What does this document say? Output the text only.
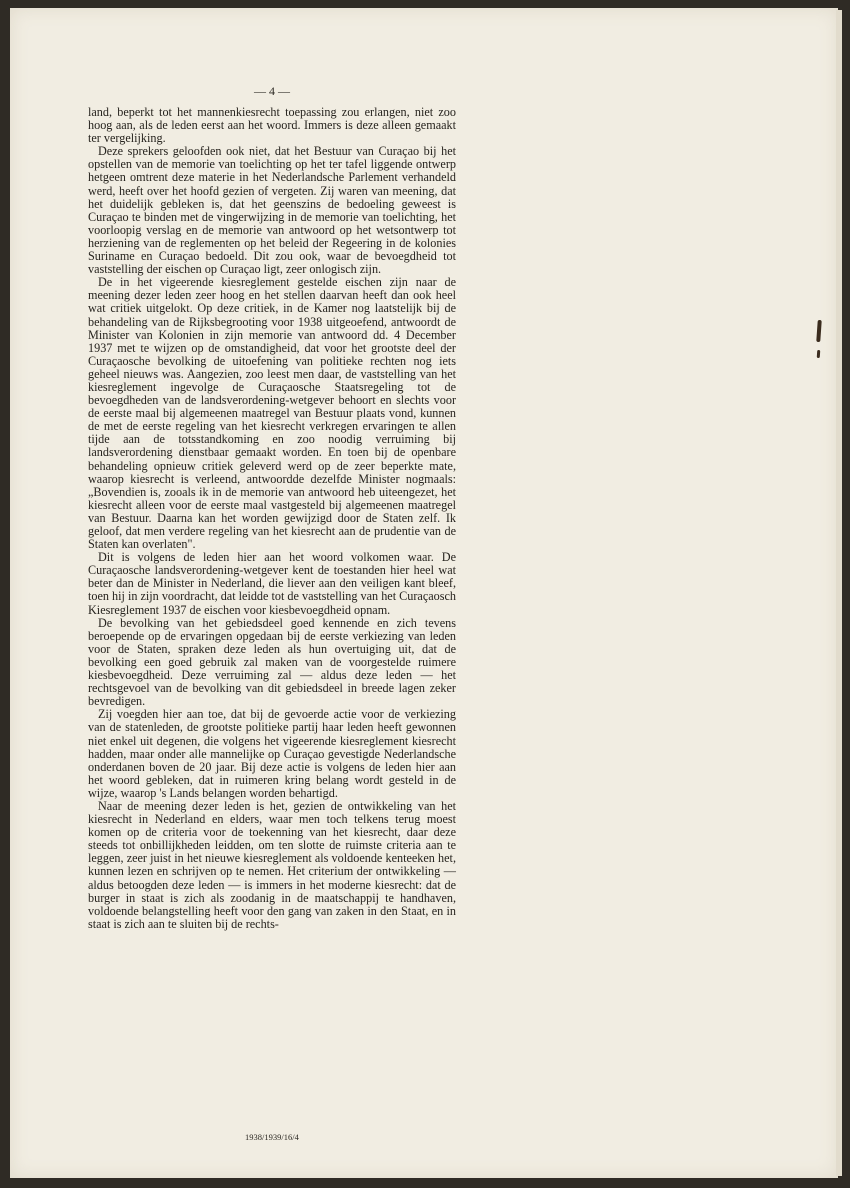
— 4 —

land, beperkt tot het mannenkiesrecht toepassing zou erlangen, niet zoo hoog aan, als de leden eerst aan het woord. Immers is deze alleen gemaakt ter vergelijking.

Deze sprekers geloofden ook niet, dat het Bestuur van Curaçao bij het opstellen van de memorie van toelichting op het ter tafel liggende ontwerp hetgeen omtrent deze materie in het Nederlandsche Parlement verhandeld werd, heeft over het hoofd gezien of vergeten. Zij waren van meening, dat het duidelijk gebleken is, dat het geenszins de bedoeling geweest is Curaçao te binden met de vingerwijzing in de memorie van toelichting, het voorloopig verslag en de memorie van antwoord op het wetsontwerp tot herziening van de reglementen op het beleid der Regeering in de kolonies Suriname en Curaçao bedoeld. Dit zou ook, waar de bevoegdheid tot vaststelling der eischen op Curaçao ligt, zeer onlogisch zijn.

De in het vigeerende kiesreglement gestelde eischen zijn naar de meening dezer leden zeer hoog en het stellen daarvan heeft dan ook heel wat critiek uitgelokt. Op deze critiek, in de Kamer nog laatstelijk bij de behandeling van de Rijksbegrooting voor 1938 uitgeoefend, antwoordt de Minister van Kolonien in zijn memorie van antwoord dd. 4 December 1937 met te wijzen op de omstandigheid, dat voor het grootste deel der Curaçaosche bevolking de uitoefening van politieke rechten nog iets geheel nieuws was. Aangezien, zoo leest men daar, de vaststelling van het kiesreglement ingevolge de Curaçaosche Staatsregeling tot de bevoegdheden van de landsverordening-wetgever behoort en slechts voor de eerste maal bij algemeenen maatregel van Bestuur plaats vond, kunnen de met de eerste regeling van het kiesrecht verkregen ervaringen te allen tijde aan de totsstandkoming en zoo noodig verruiming bij landsverordening dienstbaar gemaakt worden. En toen bij de openbare behandeling opnieuw critiek geleverd werd op de zeer beperkte mate, waarop kiesrecht is verleend, antwoordde dezelfde Minister nogmaals: „Bovendien is, zooals ik in de memorie van antwoord heb uiteengezet, het kiesrecht alleen voor de eerste maal vastgesteld bij algemeenen maatregel van Bestuur. Daarna kan het worden gewijzigd door de Staten zelf. Ik geloof, dat men verdere regeling van het kiesrecht aan de prudentie van de Staten kan overlaten".

Dit is volgens de leden hier aan het woord volkomen waar. De Curaçaosche landsverordening-wetgever kent de toestanden hier heel wat beter dan de Minister in Nederland, die liever aan den veiligen kant bleef, toen hij in zijn voordracht, dat leidde tot de vaststelling van het Curaçaosch Kiesreglement 1937 de eischen voor kiesbevoegdheid opnam.

De bevolking van het gebiedsdeel goed kennende en zich tevens beroepende op de ervaringen opgedaan bij de eerste verkiezing van leden voor de Staten, spraken deze leden als hun overtuiging uit, dat de bevolking een goed gebruik zal maken van de voorgestelde ruimere kiesbevoegdheid. Deze verruiming zal — aldus deze leden — het rechtsgevoel van de bevolking van dit gebiedsdeel in breede lagen zeker bevredigen.

Zij voegden hier aan toe, dat bij de gevoerde actie voor de verkiezing van de statenleden, de grootste politieke partij haar leden heeft gewonnen niet enkel uit degenen, die volgens het vigeerende kiesreglement kiesrecht hadden, maar onder alle mannelijke op Curaçao gevestigde Nederlandsche onderdanen boven de 20 jaar. Bij deze actie is volgens de leden hier aan het woord gebleken, dat in ruimeren kring belang wordt gesteld in de wijze, waarop 's Lands belangen worden behartigd.

Naar de meening dezer leden is het, gezien de ontwikkeling van het kiesrecht in Nederland en elders, waar men toch telkens terug moest komen op de criteria voor de toekenning van het kiesrecht, daar deze steeds tot onbillijkheden leidden, om ten slotte de ruimste criteria aan te leggen, zeer juist in het nieuwe kiesreglement als voldoende kenteeken het, kunnen lezen en schrijven op te nemen. Het criterium der ontwikkeling — aldus betoogden deze leden — is immers in het moderne kiesrecht: dat de burger in staat is zich als zoodanig in de maatschappij te handhaven, voldoende belangstelling heeft voor den gang van zaken in den Staat, en in staat is zich aan te sluiten bij de rechts-

1938/1939/16/4
